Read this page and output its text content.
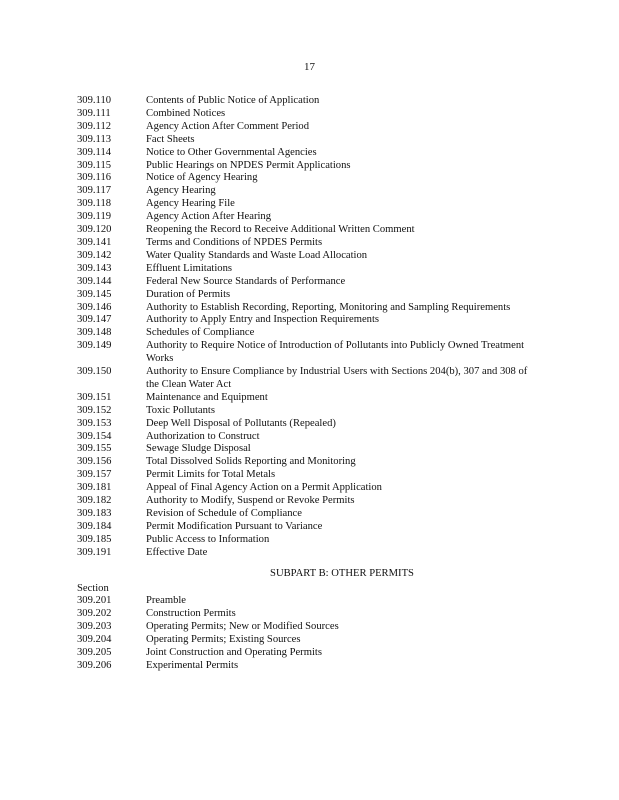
17
309.110	Contents of Public Notice of Application
309.111	Combined Notices
309.112	Agency Action After Comment Period
309.113	Fact Sheets
309.114	Notice to Other Governmental Agencies
309.115	Public Hearings on NPDES Permit Applications
309.116	Notice of Agency Hearing
309.117	Agency Hearing
309.118	Agency Hearing File
309.119	Agency Action After Hearing
309.120	Reopening the Record to Receive Additional Written Comment
309.141	Terms and Conditions of NPDES Permits
309.142	Water Quality Standards and Waste Load Allocation
309.143	Effluent Limitations
309.144	Federal New Source Standards of Performance
309.145	Duration of Permits
309.146	Authority to Establish Recording, Reporting, Monitoring and Sampling Requirements
309.147	Authority to Apply Entry and Inspection Requirements
309.148	Schedules of Compliance
309.149	Authority to Require Notice of Introduction of Pollutants into Publicly Owned Treatment Works
309.150	Authority to Ensure Compliance by Industrial Users with Sections 204(b), 307 and 308 of the Clean Water Act
309.151	Maintenance and Equipment
309.152	Toxic Pollutants
309.153	Deep Well Disposal of Pollutants (Repealed)
309.154	Authorization to Construct
309.155	Sewage Sludge Disposal
309.156	Total Dissolved Solids Reporting and Monitoring
309.157	Permit Limits for Total Metals
309.181	Appeal of Final Agency Action on a Permit Application
309.182	Authority to Modify, Suspend or Revoke Permits
309.183	Revision of Schedule of Compliance
309.184	Permit Modification Pursuant to Variance
309.185	Public Access to Information
309.191	Effective Date
SUBPART B: OTHER PERMITS
Section
309.201	Preamble
309.202	Construction Permits
309.203	Operating Permits; New or Modified Sources
309.204	Operating Permits; Existing Sources
309.205	Joint Construction and Operating Permits
309.206	Experimental Permits
